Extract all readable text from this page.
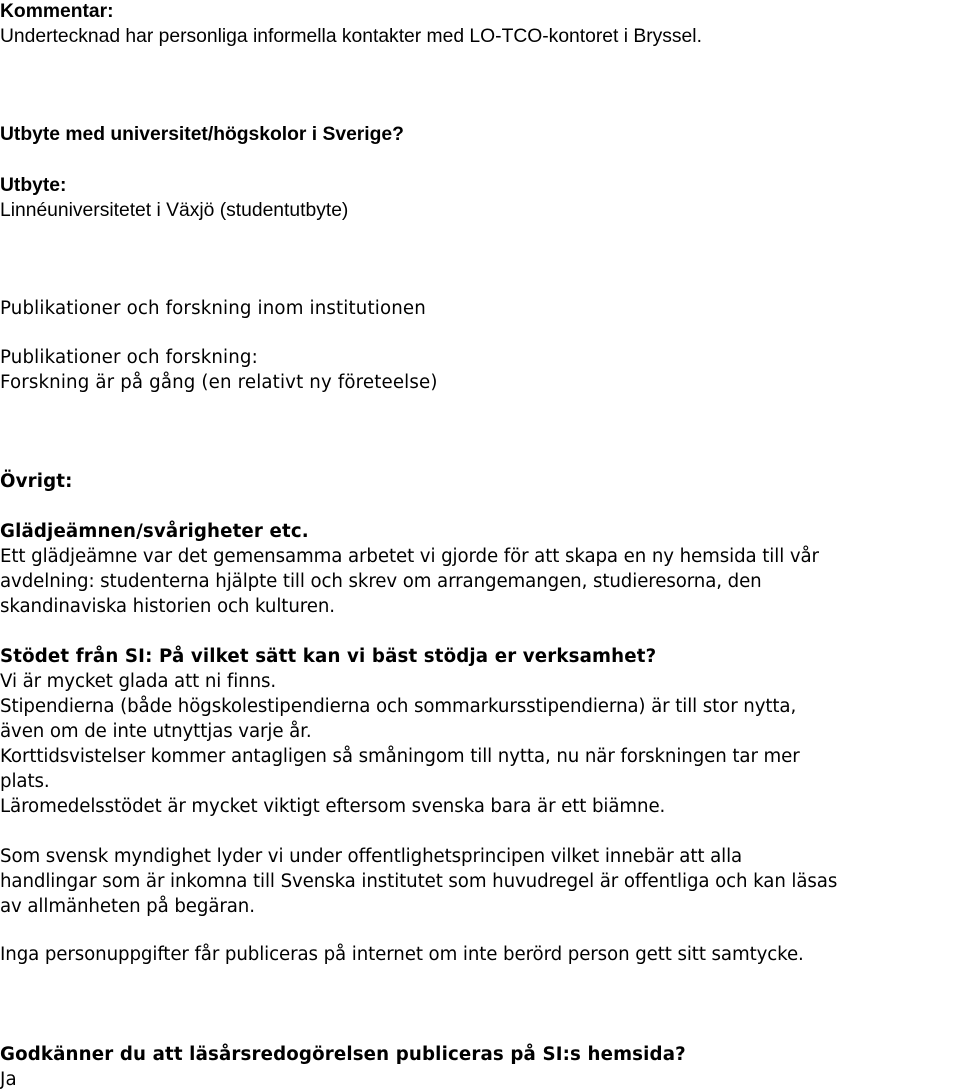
Kommentar:

Undertecknad har personliga informella kontakter med LO-TCO-kontoret i Bryssel.

Utbyte med universitet/högskolor i Sverige?

Utbyte:

Linnéuniversitetet i Växjö (studentutbyte)

Publikationer och forskning inom institutionen

Publikationer och forskning:

Forskning är på gång (en relativt ny företeelse)

Övrigt:

Glädjeämnen/svårigheter etc.

Ett glädjeämne var det gemensamma arbetet vi gjorde för att skapa en ny hemsida till vår

avdelning: studenterna hjälpte till och skrev om arrangemangen, studieresorna, den

skandinaviska historien och kulturen.

Stödet från SI: På vilket sätt kan vi bäst stödja er verksamhet?

Vi är mycket glada att ni finns.

Stipendierna (både högskolestipendierna och sommarkursstipendierna) är till stor nytta,

även om de inte utnyttjas varje år.

Korttidsvistelser kommer antagligen så småningom till nytta, nu när forskningen tar mer

plats.

Läromedelsstödet är mycket viktigt eftersom svenska bara är ett biämne.

Som svensk myndighet lyder vi under offentlighetsprincipen vilket innebär att alla

handlingar som är inkomna till Svenska institutet som huvudregel är offentliga och kan läsas

av allmänheten på begäran.

Inga personuppgifter får publiceras på internet om inte berörd person gett sitt samtycke.

Godkänner du att läsårsredogörelsen publiceras på SI:s hemsida?

Ja
